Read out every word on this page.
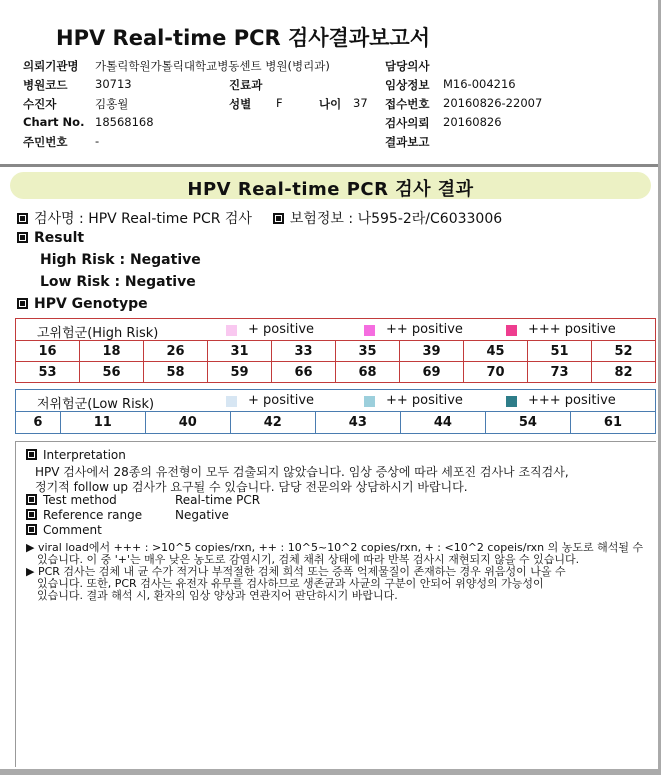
HPV Real-time PCR 검사결과보고서
의뢰기관명 가톨릭학원가톨릭대학교병동센트 병원(병리과)	담당의사
병원코드 30713	진료과	임상정보 M16-004216
수진자	김홍월	성별 F	나이 37 접수번호 20160826-22007
Chart No. 18568168	검사의뢰 20160826
주민번호 -	결과보고
HPV Real-time PCR 검사 결과
검사명 : HPV Real-time PCR 검사	보험정보 : 나595-2라/C6033006
Result
High Risk : Negative
Low Risk : Negative
HPV Genotype
고위험군(High Risk) + positive ++ positive +++ positive									

16	18	26	31	33	35	39	45	51	52
53	56	58	59	66	68	69	70	73	82
저위험군(Low Risk)	+ positive	++ positive	+++ positive

6	11	40	42	43	44	54	61
Interpretation
HPV 검사에서 28종의 유전형이 모두 검출되지 않았습니다. 임상 증상에 따라 세포진 검사나 조직검사,
정기적 follow up 검사가 요구될 수 있습니다. 담당 전문의와 상담하시기 바랍니다.
Test method	Real-time PCR
Reference range	Negative
Comment
▶ viral load에서 +++ : >10^5 copies/rxn, ++ : 10^5~10^2 copies/rxn, + : <10^2 copeis/rxn 의 농도로 해석될 수
있습니다. 이 중 '+'는 매우 낮은 농도로 감염시기, 검체 채취 상태에 따라 반복 검사시 재현되지 않을 수 있습니다.
▶ PCR 검사는 검체 내 균 수가 적거나 부적절한 검체 희석 또는 증폭 억제물질이 존재하는 경우 위음성이 나올 수
있습니다. 또한, PCR 검사는 유전자 유무를 검사하므로 생존균과 사균의 구분이 안되어 위양성의 가능성이
있습니다. 결과 해석 시, 환자의 임상 양상과 연관지어 판단하시기 바랍니다.
